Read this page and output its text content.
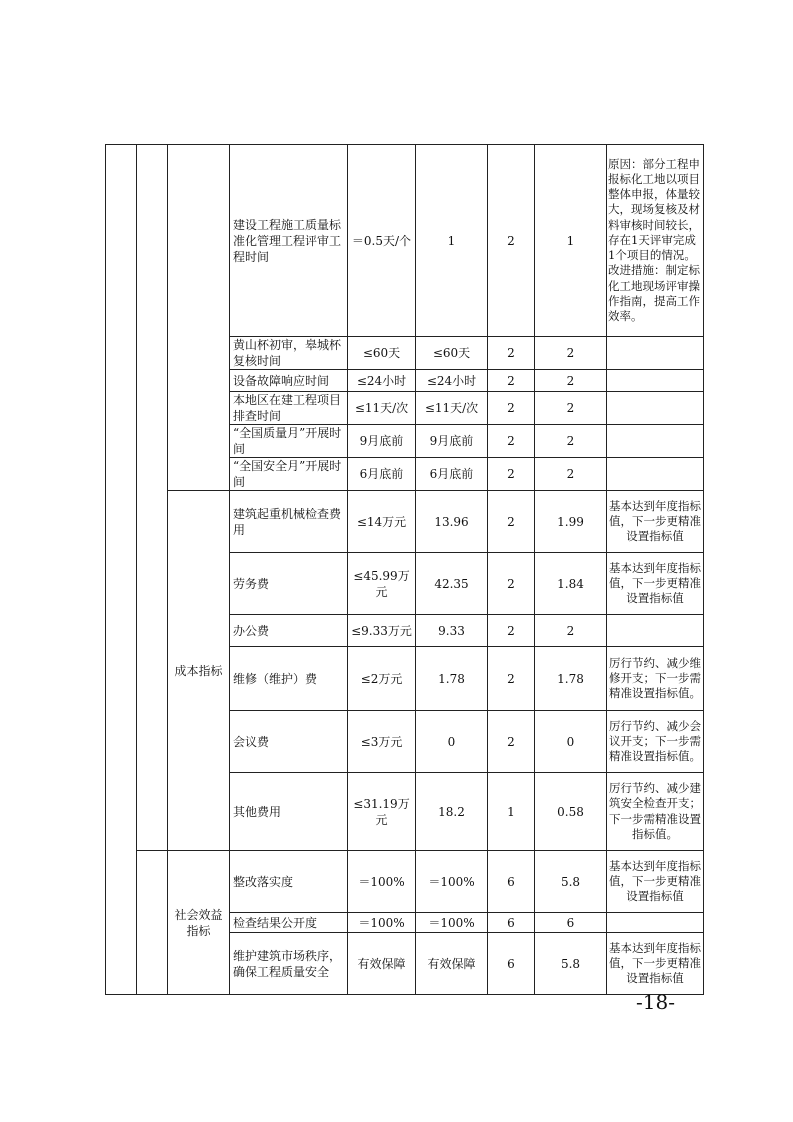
			建设工程施工质量标准化管理工程评审工程时间	＝0.5天/个	1	2	1	原因：部分工程申报标化工地以项目整体申报，体量较大，现场复核及材料审核时间较长，存在1天评审完成1个项目的情况。改进措施：制定标化工地现场评审操作指南，提高工作效率。
			黄山杯初审，皋城杯复核时间	≤60天	≤60天	2	2	
			设备故障响应时间	≤24小时	≤24小时	2	2	
			本地区在建工程项目排查时间	≤11天/次	≤11天/次	2	2	
			“全国质量月”开展时间	9月底前	9月底前	2	2	
			“全国安全月”开展时间	6月底前	6月底前	2	2	
		成本指标	建筑起重机械检查费用	≤14万元	13.96	2	1.99	基本达到年度指标值，下一步更精准设置指标值
			劳务费	≤45.99万元	42.35	2	1.84	基本达到年度指标值，下一步更精准设置指标值
			办公费	≤9.33万元	9.33	2	2	
			维修（维护）费	≤2万元	1.78	2	1.78	厉行节约、减少维修开支；下一步需精准设置指标值。
			会议费	≤3万元	0	2	0	厉行节约、减少会议开支；下一步需精准设置指标值。
			其他费用	≤31.19万元	18.2	1	0.58	厉行节约、减少建筑安全检查开支；下一步需精准设置指标值。
		社会效益指标	整改落实度	＝100%	＝100%	6	5.8	基本达到年度指标值，下一步更精准设置指标值
			检查结果公开度	＝100%	＝100%	6	6	
			维护建筑市场秩序，确保工程质量安全	有效保障	有效保障	6	5.8	基本达到年度指标值，下一步更精准设置指标值
-18-
